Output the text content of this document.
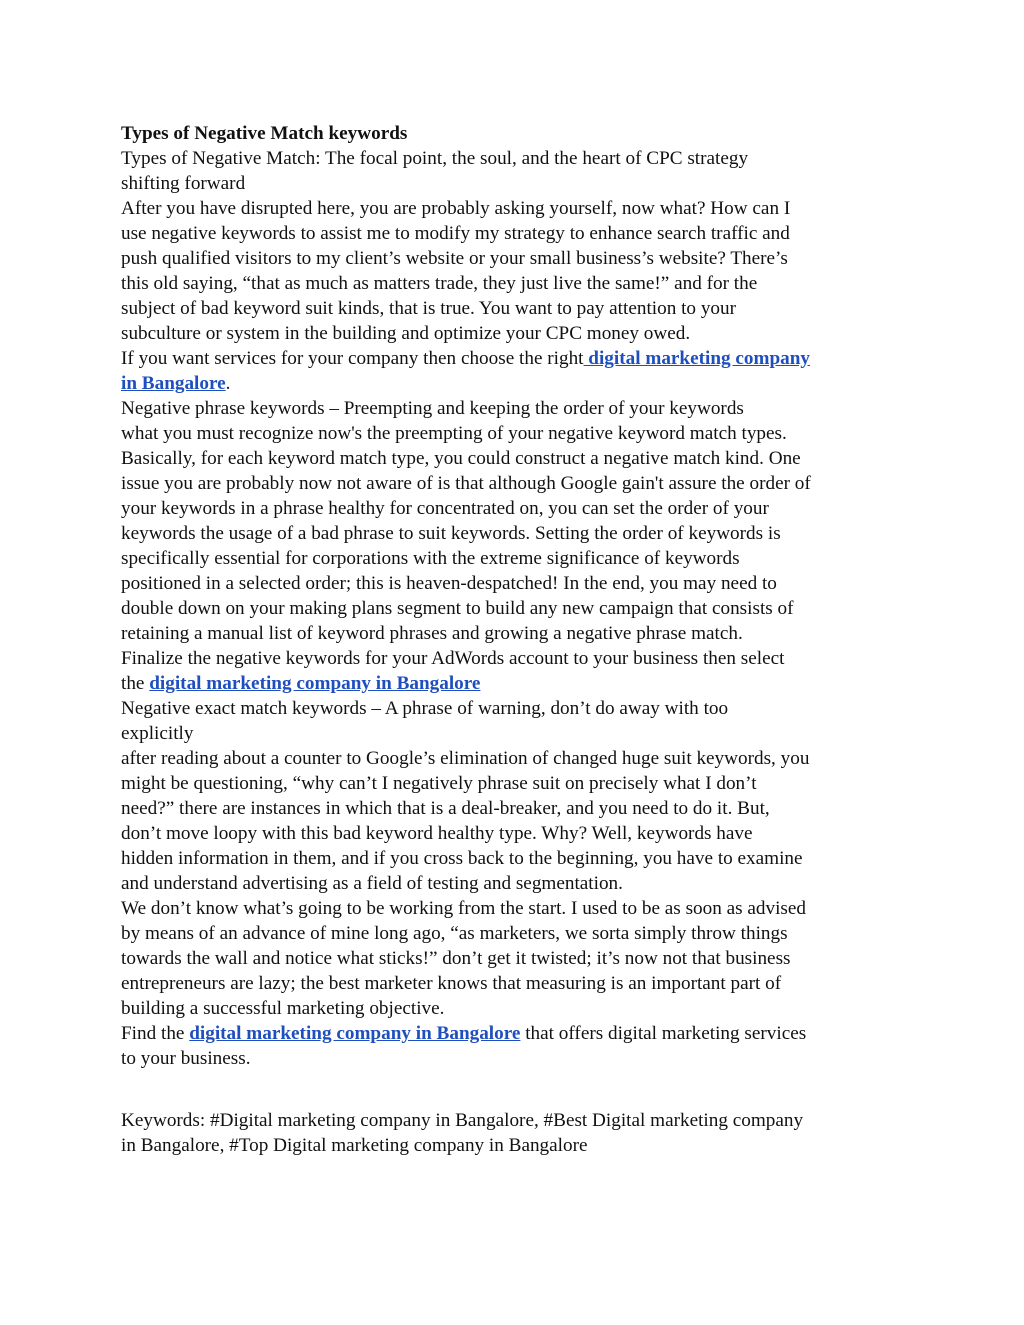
Types of Negative Match keywords
Types of Negative Match: The focal point, the soul, and the heart of CPC strategy
shifting forward
After you have disrupted here, you are probably asking yourself, now what? How can I
use negative keywords to assist me to modify my strategy to enhance search traffic and
push qualified visitors to my client’s website or your small business’s website? There’s
this old saying, “that as much as matters trade, they just live the same!” and for the
subject of bad keyword suit kinds, that is true. You want to pay attention to your
subculture or system in the building and optimize your CPC money owed.
If you want services for your company then choose the right digital marketing company
in Bangalore.
Negative phrase keywords – Preempting and keeping the order of your keywords
what you must recognize now's the preempting of your negative keyword match types.
Basically, for each keyword match type, you could construct a negative match kind. One
issue you are probably now not aware of is that although Google gain't assure the order of
your keywords in a phrase healthy for concentrated on, you can set the order of your
keywords the usage of a bad phrase to suit keywords. Setting the order of keywords is
specifically essential for corporations with the extreme significance of keywords
positioned in a selected order; this is heaven-despatched! In the end, you may need to
double down on your making plans segment to build any new campaign that consists of
retaining a manual list of keyword phrases and growing a negative phrase match.
Finalize the negative keywords for your AdWords account to your business then select
the digital marketing company in Bangalore
Negative exact match keywords – A phrase of warning, don’t do away with too
explicitly
after reading about a counter to Google’s elimination of changed huge suit keywords, you
might be questioning, “why can’t I negatively phrase suit on precisely what I don’t
need?” there are instances in which that is a deal-breaker, and you need to do it. But,
don’t move loopy with this bad keyword healthy type. Why? Well, keywords have
hidden information in them, and if you cross back to the beginning, you have to examine
and understand advertising as a field of testing and segmentation.
We don’t know what’s going to be working from the start. I used to be as soon as advised
by means of an advance of mine long ago, “as marketers, we sorta simply throw things
towards the wall and notice what sticks!” don’t get it twisted; it’s now not that business
entrepreneurs are lazy; the best marketer knows that measuring is an important part of
building a successful marketing objective.
Find the digital marketing company in Bangalore that offers digital marketing services
to your business.
Keywords: #Digital marketing company in Bangalore, #Best Digital marketing company
in Bangalore, #Top Digital marketing company in Bangalore
